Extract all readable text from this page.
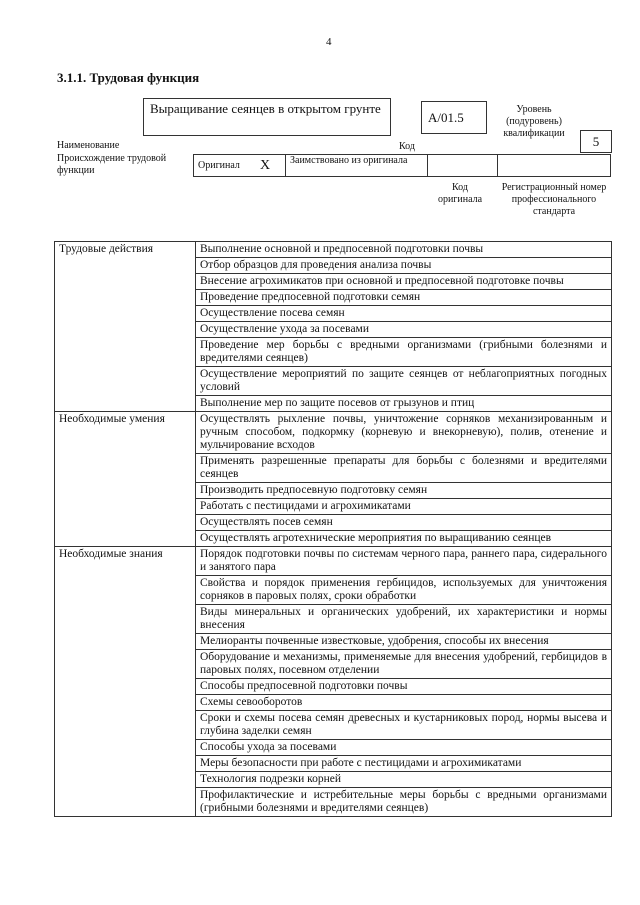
4
3.1.1. Трудовая функция
Наименование
Выращивание сеянцев в открытом грунте
Код
A/01.5
Уровень (подуровень) квалификации
5
Происхождение трудовой функции	Оригинал X Заимствовано из оригинала
Код оригинала
Регистрационный номер профессионального стандарта
Трудовые действия	Выполнение основной и предпосевной подготовки почвы
	Отбор образцов для проведения анализа почвы
	Внесение агрохимикатов при основной и предпосевной подготовке почвы
	Проведение предпосевной подготовки семян
	Осуществление посева семян
	Осуществление ухода за посевами
	Проведение мер борьбы с вредными организмами (грибными болезнями и вредителями сеянцев)
	Осуществление мероприятий по защите сеянцев от неблагоприятных погодных условий
	Выполнение мер по защите посевов от грызунов и птиц
Необходимые умения	Осуществлять рыхление почвы, уничтожение сорняков механизированным и ручным способом, подкормку (корневую и внекорневую), полив, отенение и мульчирование всходов
	Применять разрешенные препараты для борьбы с болезнями и вредителями сеянцев
	Производить предпосевную подготовку семян
	Работать с пестицидами и агрохимикатами
	Осуществлять посев семян
	Осуществлять агротехнические мероприятия по выращиванию сеянцев
Необходимые знания	Порядок подготовки почвы по системам черного пара, раннего пара, сидерального и занятого пара
	Свойства и порядок применения гербицидов, используемых для уничтожения сорняков в паровых полях, сроки обработки
	Виды минеральных и органических удобрений, их характеристики и нормы внесения
	Мелиоранты почвенные известковые, удобрения, способы их внесения
	Оборудование и механизмы, применяемые для внесения удобрений, гербицидов в паровых полях, посевном отделении
	Способы предпосевной подготовки почвы
	Схемы севооборотов
	Сроки и схемы посева семян древесных и кустарниковых пород, нормы высева и глубина заделки семян
	Способы ухода за посевами
	Меры безопасности при работе с пестицидами и агрохимикатами
	Технология подрезки корней
	Профилактические и истребительные меры борьбы с вредными организмами (грибными болезнями и вредителями сеянцев)
